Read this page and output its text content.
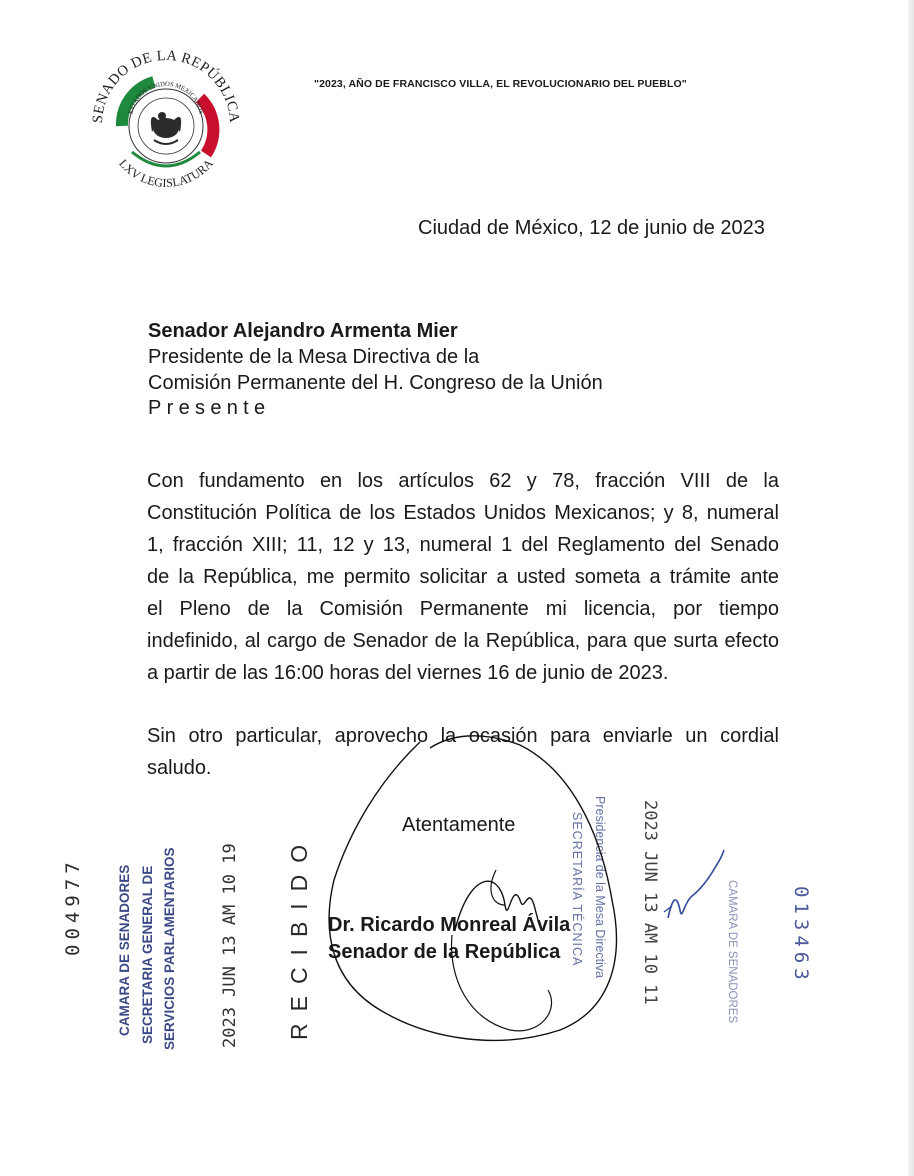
SENADO DE LA REPÚBLICA
ESTADOS UNIDOS MEXICANOS
LXV LEGISLATURA
"2023, AÑO DE FRANCISCO VILLA, EL REVOLUCIONARIO DEL PUEBLO"
Ciudad de México, 12 de junio de 2023
Senador Alejandro Armenta Mier
Presidente de la Mesa Directiva de la
Comisión Permanente del H. Congreso de la Unión
Presente
Con fundamento en los artículos 62 y 78, fracción VIII de la
Constitución Política de los Estados Unidos Mexicanos; y 8, numeral
1, fracción XIII; 11, 12 y 13, numeral 1 del Reglamento del Senado
de la República, me permito solicitar a usted someta a trámite ante
el Pleno de la Comisión Permanente mi licencia, por tiempo
indefinido, al cargo de Senador de la República, para que surta efecto
a partir de las 16:00 horas del viernes 16 de junio de 2023.
Sin otro particular, aprovecho la ocasión para enviarle un cordial
saludo.
Atentamente
Dr. Ricardo Monreal Ávila
Senador de la República
004977 CAMARA DE SENADORES SECRETARIA GENERAL DE SERVICIOS PARLAMENTARIOS	2023 JUN 13 AM 10 19 RECIBIDO	Presidencia de la Mesa Directiva
SECRETARÍA TÉCNICA	2023 JUN 13 AM 10 11	CAMARA DE SENADORES	013463
